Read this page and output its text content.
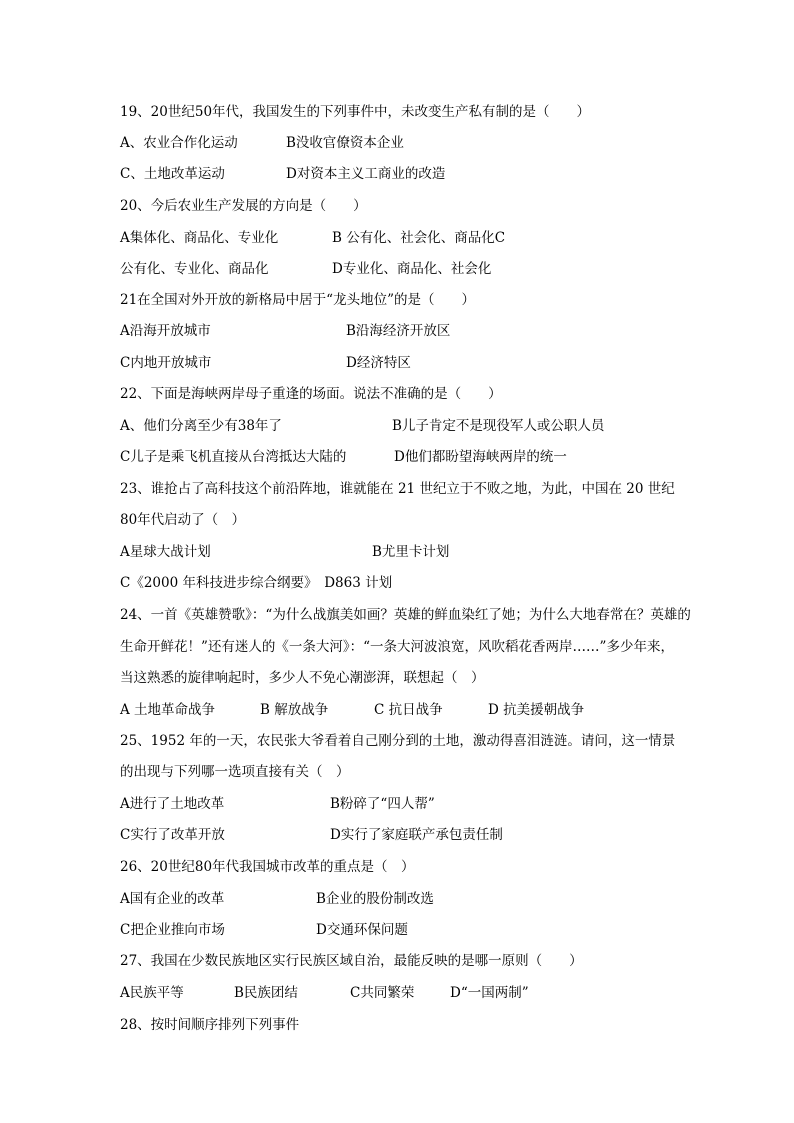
19、20世纪50年代，我国发生的下列事件中，未改变生产私有制的是（　　）
A、农业合作化运动	B没收官僚资本企业
C、土地改革运动	D对资本主义工商业的改造
20、今后农业生产发展的方向是（　　）
A集体化、商品化、专业化	B 公有化、社会化、商品化C
公有化、专业化、商品化	D专业化、商品化、社会化
21在全国对外开放的新格局中居于“龙头地位”的是（　　）
A沿海开放城市	B沿海经济开放区
C内地开放城市	D经济特区
22、下面是海峡两岸母子重逢的场面。说法不准确的是（　　）
A、他们分离至少有38年了	B儿子肯定不是现役军人或公职人员
C儿子是乘飞机直接从台湾抵达大陆的	D他们都盼望海峡两岸的统一
23、谁抢占了高科技这个前沿阵地，谁就能在 21 世纪立于不败之地，为此，中国在 20 世纪
80年代启动了（　）
A星球大战计划	B尤里卡计划
C《2000 年科技进步综合纲要》　D863 计划
24、一首《英雄赞歌》：“为什么战旗美如画？英雄的鲜血染红了她；为什么大地春常在？英雄的
生命开鲜花！”还有迷人的《一条大河》：“一条大河波浪宽，风吹稻花香两岸……”多少年来，
当这熟悉的旋律响起时，多少人不免心潮澎湃，联想起（　）
A 土地革命战争	B 解放战争	C 抗日战争	D 抗美援朝战争
25、1952 年的一天，农民张大爷看着自己刚分到的土地，激动得喜泪涟涟。请问，这一情景
的出现与下列哪一选项直接有关（　）
A进行了土地改革	B粉碎了“四人帮”
C实行了改革开放	D实行了家庭联产承包责任制
26、20世纪80年代我国城市改革的重点是（　）
A国有企业的改革	B企业的股份制改选
C把企业推向市场	D交通环保问题
27、我国在少数民族地区实行民族区域自治，最能反映的是哪一原则（　　）
A民族平等	B民族团结	C共同繁荣	D“一国两制”
28、按时间顺序排列下列事件
